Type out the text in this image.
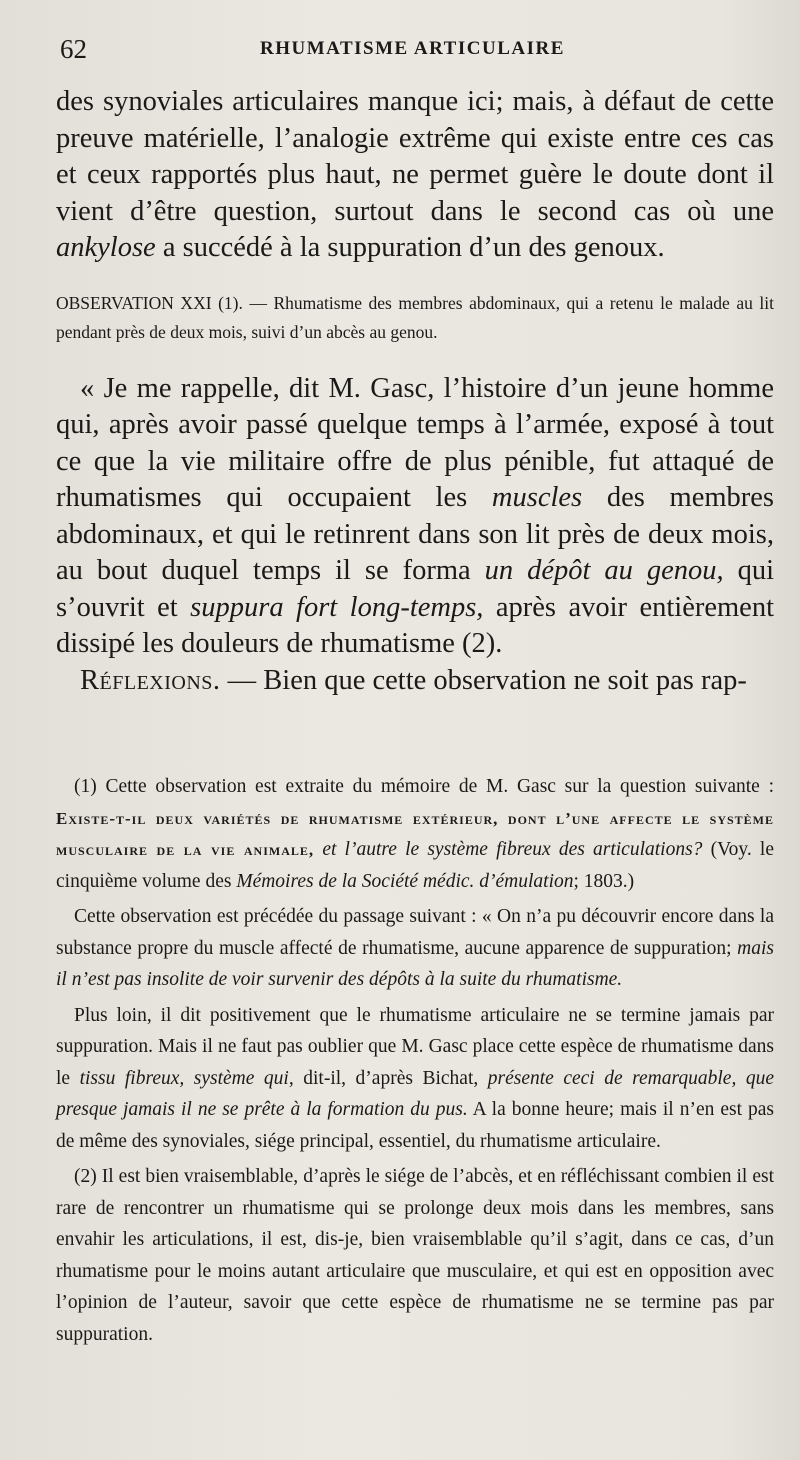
62	RHUMATISME ARTICULAIRE

des synoviales articulaires manque ici; mais, à défaut de cette preuve matérielle, l’analogie extrême qui existe entre ces cas et ceux rapportés plus haut, ne permet guère le doute dont il vient d’être question, surtout dans le second cas où une ankylose a succédé à la suppuration d’un des genoux.

OBSERVATION XXI (1). — Rhumatisme des membres abdominaux, qui a retenu le malade au lit pendant près de deux mois, suivi d’un abcès au genou.

« Je me rappelle, dit M. Gasc, l’histoire d’un jeune homme qui, après avoir passé quelque temps à l’armée, exposé à tout ce que la vie militaire offre de plus pénible, fut attaqué de rhumatismes qui occupaient les muscles des membres abdominaux, et qui le retinrent dans son lit près de deux mois, au bout duquel temps il se forma un dépôt au genou, qui s’ouvrit et suppura fort long-temps, après avoir entièrement dissipé les douleurs de rhumatisme (2).

Réflexions. — Bien que cette observation ne soit pas rap-

(1) Cette observation est extraite du mémoire de M. Gasc sur la question suivante : Existe-t-il deux variétés de rhumatisme extérieur, dont l’une affecte le système musculaire de la vie animale, et l’autre le système fibreux des articulations? (Voy. le cinquième volume des Mémoires de la Société médic. d’émulation; 1803.)

Cette observation est précédée du passage suivant : « On n’a pu découvrir encore dans la substance propre du muscle affecté de rhumatisme, aucune apparence de suppuration; mais il n’est pas insolite de voir survenir des dépôts à la suite du rhumatisme.

Plus loin, il dit positivement que le rhumatisme articulaire ne se termine jamais par suppuration. Mais il ne faut pas oublier que M. Gasc place cette espèce de rhumatisme dans le tissu fibreux, système qui, dit-il, d’après Bichat, présente ceci de remarquable, que presque jamais il ne se prête à la formation du pus. A la bonne heure; mais il n’en est pas de même des synoviales, siége principal, essentiel, du rhumatisme articulaire.

(2) Il est bien vraisemblable, d’après le siége de l’abcès, et en réfléchissant combien il est rare de rencontrer un rhumatisme qui se prolonge deux mois dans les membres, sans envahir les articulations, il est, dis-je, bien vraisemblable qu’il s’agit, dans ce cas, d’un rhumatisme pour le moins autant articulaire que musculaire, et qui est en opposition avec l’opinion de l’auteur, savoir que cette espèce de rhumatisme ne se termine pas par suppuration.
